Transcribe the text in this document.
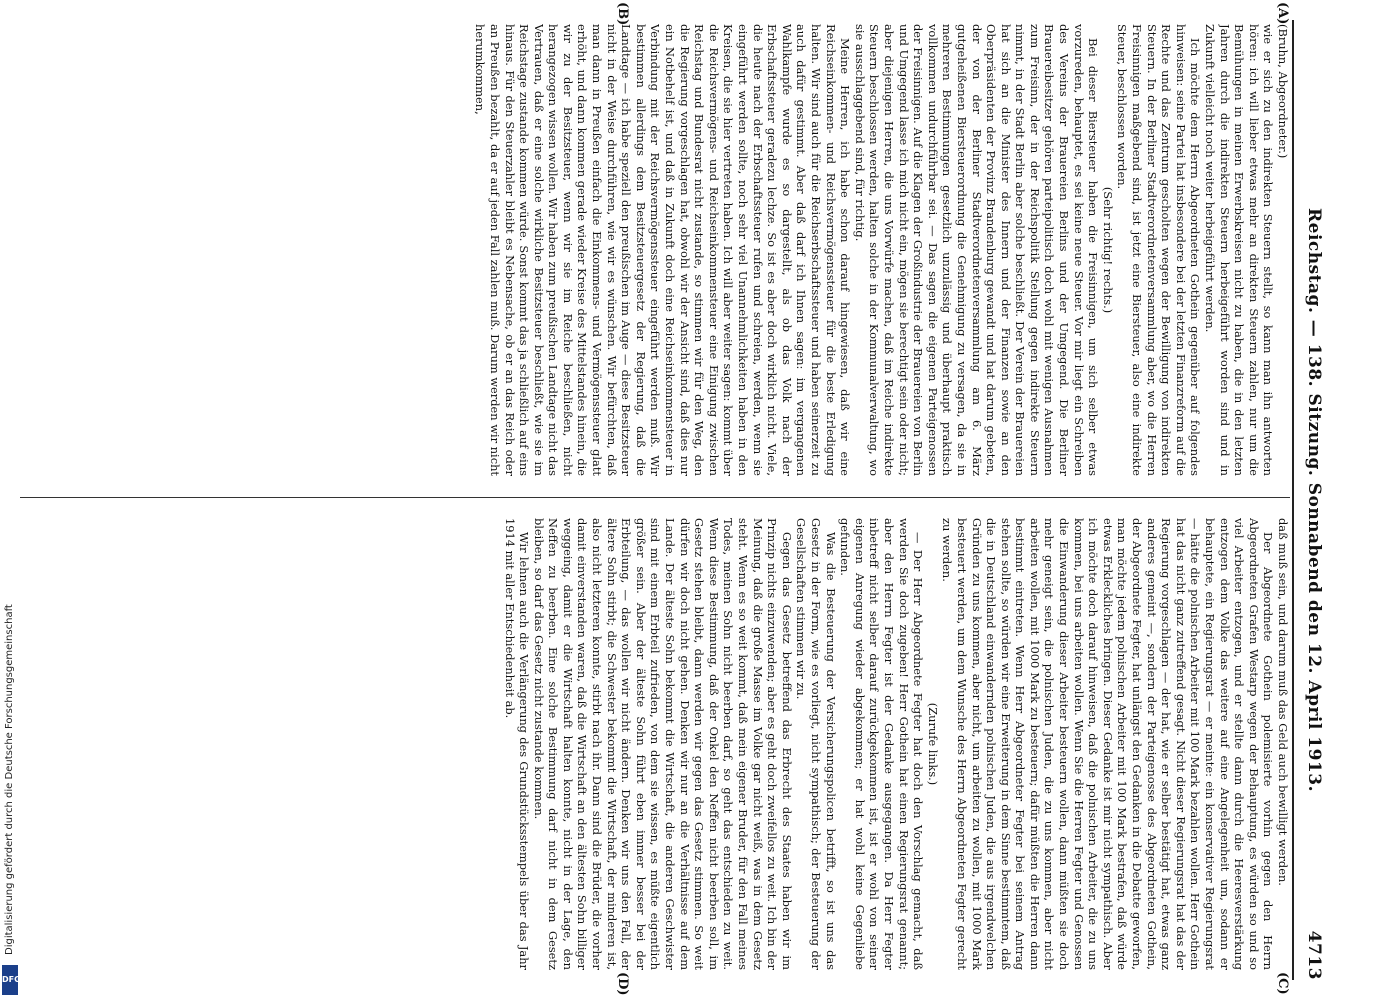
Reichstag. — 138. Sitzung. Sonnabend den 12. April 1913.
4713
(A)
(B)
(C)
(D)

(Bruhn, Abgeordneter.)

wie er sich zu den indirekten Steuern stellt, so kann man ihn antworten hören: ich will lieber etwas mehr an direkten Steuern zahlen, nur um die Bemühungen in meinen Erwerbskreisen nicht zu haben, die in den letzten Jahren durch die indirekten Steuern herbeigeführt worden sind und in Zukunft vielleicht noch weiter herbeigeführt werden.

Ich möchte dem Herrn Abgeordneten Gothein gegenüber auf folgendes hinweisen: seine Partei hat insbesondere bei der letzten Finanzreform auf die Rechte und das Zentrum gescholten wegen der Bewilligung von indirekten Steuern. In der Berliner Stadtverordnetenversammlung aber, wo die Herren Freisinnigen maßgebend sind, ist jetzt eine Biersteuer, also eine indirekte Steuer, beschlossen worden.

(Sehr richtig! rechts.)

Bei dieser Biersteuer haben die Freisinnigen, um sich selber etwas vorzureden, behauptet, es sei keine neue Steuer. Vor mir liegt ein Schreiben des Vereins der Brauereien Berlins und der Umgegend. Die Berliner Brauereibesitzer gehören parteipolitisch doch wohl mit wenigen Ausnahmen zum Freisinn, der in der Reichspolitik Stellung gegen indirekte Steuern nimmt, in der Stadt Berlin aber solche beschließt. Der Verein der Brauereien hat sich an die Minister des Innern und der Finanzen sowie an den Oberpräsidenten der Provinz Brandenburg gewandt und hat darum gebeten, der von der Berliner Stadtverordnetenversammlung am 6. März gutgeheißenen Biersteuerordnung die Genehmigung zu versagen, da sie in mehreren Bestimmungen gesetzlich unzulässig und überhaupt praktisch vollkommen undurchführbar sei. — Das sagen die eigenen Parteigenossen der Freisinnigen. Auf die Klagen der Großindustrie der Brauereien von Berlin und Umgegend lasse ich mich nicht ein, mögen sie berechtigt sein oder nicht; aber diejenigen Herren, die uns Vorwürfe machen, daß im Reiche indirekte Steuern beschlossen werden, halten solche in der Kommunalverwaltung, wo sie ausschlaggebend sind, für richtig.

Meine Herren, ich habe schon darauf hingewiesen, daß wir eine Reichseinkommen- und Reichsvermögenssteuer für die beste Erledigung halten. Wir sind auch für die Reichserbschaftssteuer und haben seinerzeit zu auch dafür gestimmt. Aber daß darf ich Ihnen sagen: im vergangenen Wahlkampfe wurde es so dargestellt, als ob das Volk nach der Erbschaftssteuer geradezu lechze. So ist es aber doch wirklich nicht. Viele, die heute nach der Erbschaftssteuer rufen und schreien, werden, wenn sie eingeführt werden sollte, noch sehr viel Unannehmlichkeiten haben in den Kreisen, die sie hier vertreten haben. Ich will aber weiter sagen: kommt über die Reichsvermögens- und Reichseinkommensteuer eine Einigung zwischen Reichstag und Bundesrat nicht zustande, so stimmen wir für den Weg, den die Regierung vorgeschlagen hat, obwohl wir der Ansicht sind, daß dies nur ein Notbehelf ist, und daß in Zukunft doch eine Reichseinkommensteuer in Verbindung mit der Reichsvermögenssteuer eingeführt werden muß. Wir bestimmen allerdings dem Besitzsteuergesetz der Regierung, daß die Landtage — ich habe speziell den preußischen im Auge — diese Besitzsteuer nicht in der Weise durchführen, wie wir es wünschen. Wir befürchten, daß man dann in Preußen einfach die Einkommens- und Vermögenssteuer glatt erhöht, und dann kommen gerade wieder Kreise des Mittelstandes hinein, die wir zu der Besitzsteuer, wenn wir sie im Reiche beschließen, nicht herangezogen wissen wollen. Wir haben zum preußischen Landtage nicht das Vertrauen, daß er eine solche wirkliche Besitzsteuer beschließt, wie sie im Reichstage zustande kommen würde. Sonst kommt das ja schließlich auf eins hinaus. Für den Steuerzahler bleibt es Nebensache, ob er an das Reich oder an Preußen bezahlt, da er auf jeden Fall zahlen muß. Darum werden wir nicht herumkommen,

daß muß sein, und darum muß das Geld auch bewilligt werden.

Der Abgeordnete Gothein polemisierte vorhin gegen den Herrn Abgeordneten Grafen Westarp wegen der Behauptung, es würden so und so viel Arbeiter entzogen, und er stellte dann durch die Heeresverstärkung entzogen dem Volke das weitere auf eine Angelegenheit um, sodann er behauptete, ein Regierungsrat — er meinte: ein konservativer Regierungsrat — hätte die polnischen Arbeiter mit 100 Mark bezahlen wollen. Herr Gothein hat das nicht ganz zutreffend gesagt. Nicht dieser Regierungsrat hat das der Regierung vorgeschlagen — der hat, wie er selber bestätigt hat, etwas ganz anderes gemeint —, sondern der Parteigenosse des Abgeordneten Gothein, der Abgeordnete Fegter, hat unlängst den Gedanken in die Debatte geworfen, man möchte jedem polnischen Arbeiter mit 100 Mark bestrafen, daß würde etwas Erkleckliches bringen. Dieser Gedanke ist mir nicht sympathisch. Aber ich möchte doch darauf hinweisen, daß die polnischen Arbeiter, die zu uns kommen, bei uns arbeiten wollen. Wenn Sie die Herren Fegter und Genossen die Einwanderung dieser Arbeiter besteuern wollen, dann müßten sie doch mehr geneigt sein, die polnischen Juden, die zu uns kommen, aber nicht arbeiten wollen, mit 1000 Mark zu besteuern; dafür müßten die Herren dann bestimmt eintreten. Wenn Herr Abgeordneter Fegter bei seinem Antrag stehen sollte, so würden wir eine Erweiterung in dem Sinne bestimmtem, daß die in Deutschland einwandernden polnischen Juden, die aus irgendwelchen Gründen zu uns kommen, aber nicht, um arbeiten zu wollen, mit 1000 Mark besteuert werden, um dem Wunsche des Herrn Abgeordneten Fegter gerecht zu werden.

(Zurufe links.)

— Der Herr Abgeordnete Fegter hat doch den Vorschlag gemacht, daß werden Sie doch zugeben! Herr Gothein hat einen Regierungsrat genannt; aber den Herrn Fegter ist der Gedanke ausgegangen. Da Herr Fegter inbetreff nicht selber darauf zurückgekommen ist, ist er wohl von seiner eigenen Anregung wieder abgekommen; er hat wohl keine Gegenliebe gefunden.

Was die Besteuerung der Versicherungspolicen betrifft, so ist uns das Gesetz in der Form, wie es vorliegt, nicht sympathisch; der Besteuerung der Gesellschaften stimmen wir zu.

Gegen das Gesetz betreffend das Erbrecht des Staates haben wir im Prinzip nichts einzuwenden; aber es geht doch zweifellos zu weit. Ich bin der Meinung, daß die große Masse im Volke gar nicht weiß, was in dem Gesetz steht. Wenn es so weit kommt, daß mein eigener Bruder, für den Fall meines Todes, meinen Sohn nicht beerben darf, so geht das entschieden zu weit. Wenn diese Bestimmung, daß der Onkel den Neffen nicht beerben soll, im Gesetz stehen bleibt, dann werden wir gegen das Gesetz stimmen. So weit dürfen wir doch nicht gehen. Denken wir nur an die Verhältnisse auf dem Lande. Der älteste Sohn bekommt die Wirtschaft, die anderen Geschwister sind mit einem Erbteil zufrieden, von dem sie wissen, es müßte eigentlich größer sein. Aber der älteste Sohn führt eben immer besser bei der Erbteilung, — das wollen wir nicht ändern. Denken wir uns den Fall, der ältere Sohn stirbt; die Schwester bekommt die Wirtschaft, der minderen ist, also nicht letzteren konnte, stirbt nach ihr. Dann sind die Brüder, die vorher damit einverstanden waren, daß die Wirtschaft an den ältesten Sohn billiger weggeing, damit er die Wirtschaft halten konnte, nicht in der Lage, den Neffen zu beerben. Eine solche Bestimmung darf nicht in dem Gesetz bleiben, so darf das Gesetz nicht zustande kommen.

Wir lehnen auch die Verlängerung des Grundstücksstempels über das Jahr 1914 mit aller Entschiedenheit ab.

Digitalisierung gefördert durch die Deutsche Forschungsgemeinschaft
DFG
